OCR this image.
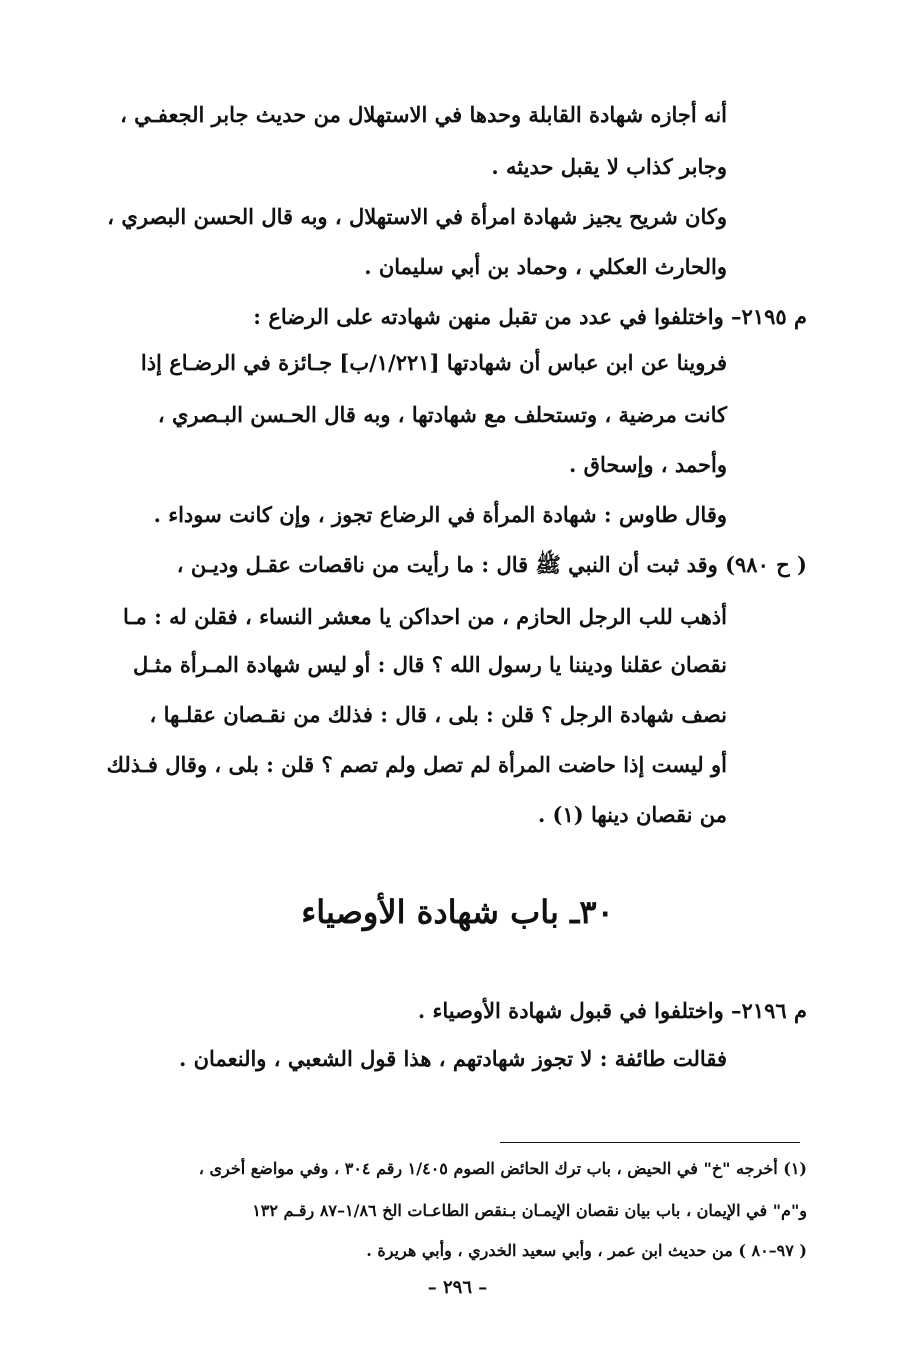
أنه أجازه شهادة القابلة وحدها في الاستهلال من حديث جابر الجعفـي ،
وجابر كذاب لا يقبل حديثه .
وكان شريح يجيز شهادة امرأة في الاستهلال ، وبه قال الحسن البصري ،
والحارث العكلي ، وحماد بن أبي سليمان .
م ٢١٩٥– واختلفوا في عدد من تقبل منهن شهادته على الرضاع :
فروينا عن ابن عباس أن شهادتها [١/٢٢١/ب] جـائزة في الرضـاع إذا
كانت مرضية ، وتستحلف مع شهادتها ، وبه قال الحـسن البـصري ،
وأحمد ، وإسحاق .
وقال طاوس : شهادة المرأة في الرضاع تجوز ، وإن كانت سوداء .
( ح ٩٨٠) وقد ثبت أن النبي ﷺ قال : ما رأيت من ناقصات عقـل وديـن ،
أذهب للب الرجل الحازم ، من احداكن يا معشر النساء ، فقلن له : مـا
نقصان عقلنا وديننا يا رسول الله ؟ قال : أو ليس شهادة المـرأة مثـل
نصف شهادة الرجل ؟ قلن : بلى ، قال : فذلك من نقـصان عقلـها ،
أو ليست إذا حاضت المرأة لم تصل ولم تصم ؟ قلن : بلى ، وقال فـذلك
من نقصان دينها (١) .
٣٠ـ باب شهادة الأوصياء
م ٢١٩٦– واختلفوا في قبول شهادة الأوصياء .
فقالت طائفة : لا تجوز شهادتهم ، هذا قول الشعبي ، والنعمان .
(١) أخرجه "خ" في الحيض ، باب ترك الحائض الصوم ١/٤٠٥ رقم ٣٠٤ ، وفي مواضع أخرى ،
و"م" في الإيمان ، باب بيان نقصان الإيمـان بـنقص الطاعـات الخ ١/٨٦–٨٧ رقـم ١٣٢
( ٩٧–٨٠ ) من حديث ابن عمر ، وأبي سعيد الخدري ، وأبي هريرة .
– ٢٩٦ –
